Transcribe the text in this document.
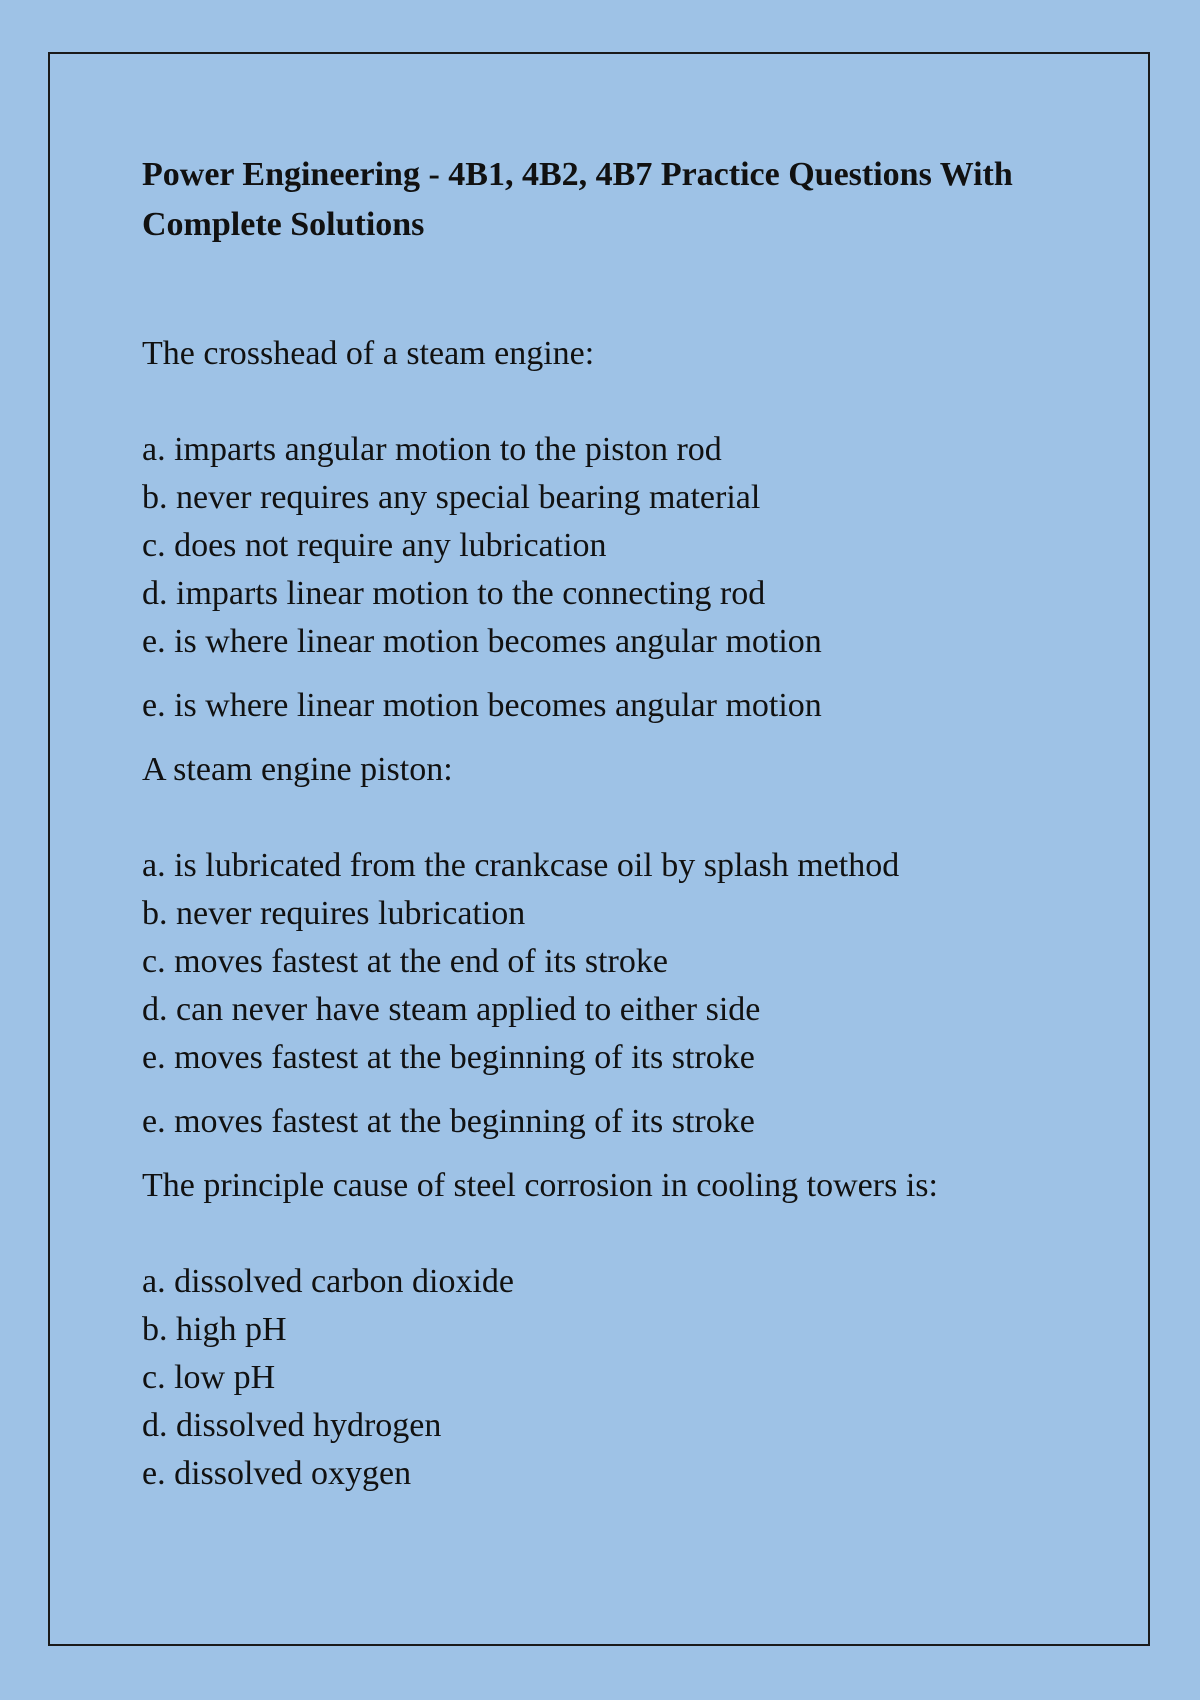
Power Engineering - 4B1, 4B2, 4B7 Practice Questions With Complete Solutions

The crosshead of a steam engine:

a. imparts angular motion to the piston rod
b. never requires any special bearing material
c. does not require any lubrication
d. imparts linear motion to the connecting rod
e. is where linear motion becomes angular motion

e. is where linear motion becomes angular motion

A steam engine piston:

a. is lubricated from the crankcase oil by splash method
b. never requires lubrication
c. moves fastest at the end of its stroke
d. can never have steam applied to either side
e. moves fastest at the beginning of its stroke

e. moves fastest at the beginning of its stroke

The principle cause of steel corrosion in cooling towers is:

a. dissolved carbon dioxide
b. high pH
c. low pH
d. dissolved hydrogen
e. dissolved oxygen
